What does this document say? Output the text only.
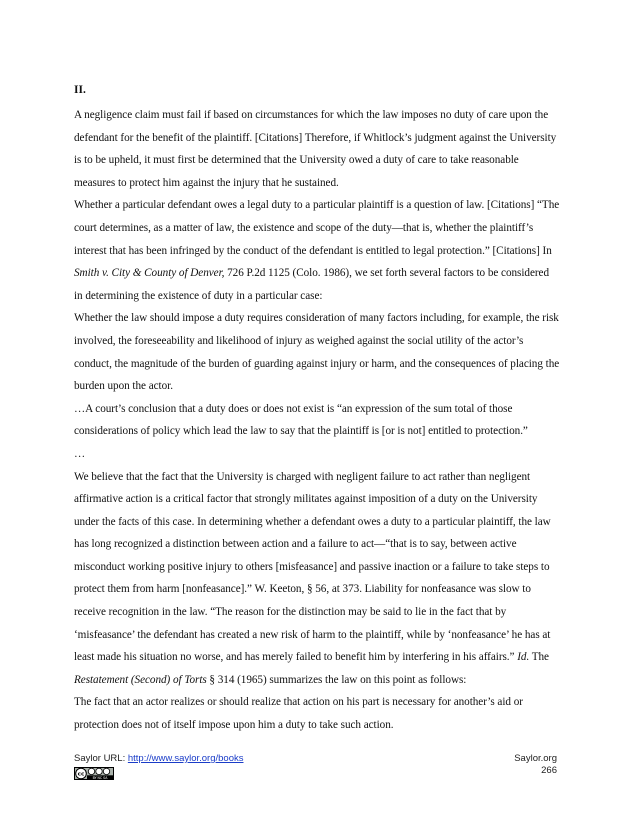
II.

A negligence claim must fail if based on circumstances for which the law imposes no duty of care upon the defendant for the benefit of the plaintiff. [Citations] Therefore, if Whitlock’s judgment against the University is to be upheld, it must first be determined that the University owed a duty of care to take reasonable measures to protect him against the injury that he sustained.

Whether a particular defendant owes a legal duty to a particular plaintiff is a question of law. [Citations] “The court determines, as a matter of law, the existence and scope of the duty—that is, whether the plaintiff’s interest that has been infringed by the conduct of the defendant is entitled to legal protection.” [Citations] In Smith v. City & County of Denver, 726 P.2d 1125 (Colo. 1986), we set forth several factors to be considered in determining the existence of duty in a particular case:

Whether the law should impose a duty requires consideration of many factors including, for example, the risk involved, the foreseeability and likelihood of injury as weighed against the social utility of the actor’s conduct, the magnitude of the burden of guarding against injury or harm, and the consequences of placing the burden upon the actor.

…A court’s conclusion that a duty does or does not exist is “an expression of the sum total of those considerations of policy which lead the law to say that the plaintiff is [or is not] entitled to protection.”

…

We believe that the fact that the University is charged with negligent failure to act rather than negligent affirmative action is a critical factor that strongly militates against imposition of a duty on the University under the facts of this case. In determining whether a defendant owes a duty to a particular plaintiff, the law has long recognized a distinction between action and a failure to act—“that is to say, between active misconduct working positive injury to others [misfeasance] and passive inaction or a failure to take steps to protect them from harm [nonfeasance].” W. Keeton, § 56, at 373. Liability for nonfeasance was slow to receive recognition in the law. “The reason for the distinction may be said to lie in the fact that by ‘misfeasance’ the defendant has created a new risk of harm to the plaintiff, while by ‘nonfeasance’ he has at least made his situation no worse, and has merely failed to benefit him by interfering in his affairs.” Id. The Restatement (Second) of Torts § 314 (1965) summarizes the law on this point as follows:

The fact that an actor realizes or should realize that action on his part is necessary for another’s aid or protection does not of itself impose upon him a duty to take such action.

Saylor URL: http://www.saylor.org/books	Saylor.org
266
cc
BY NC SA
